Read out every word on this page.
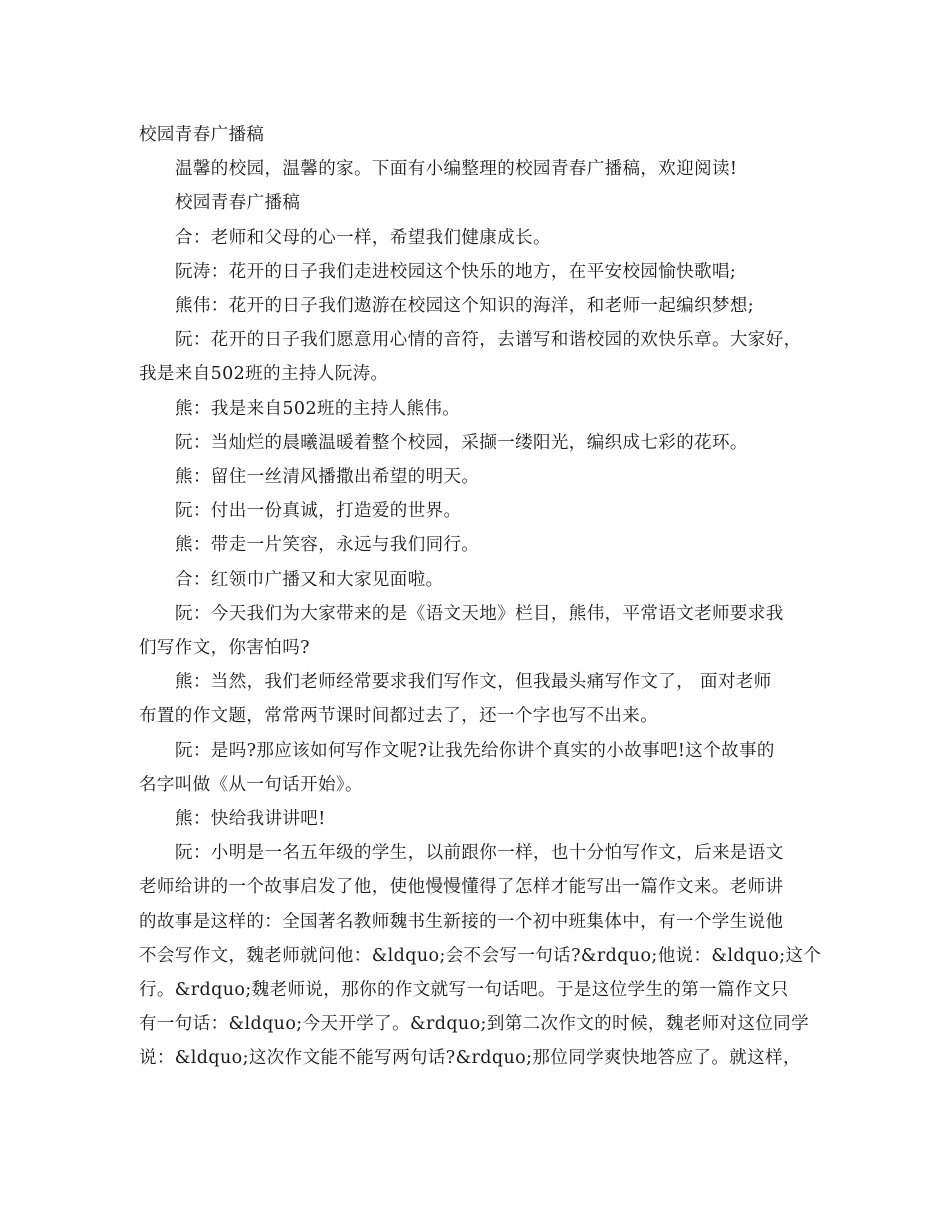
校园青春广播稿
温馨的校园，温馨的家。下面有小编整理的校园青春广播稿，欢迎阅读!
校园青春广播稿
合：老师和父母的心一样，希望我们健康成长。
阮涛：花开的日子我们走进校园这个快乐的地方，在平安校园愉快歌唱;
熊伟：花开的日子我们遨游在校园这个知识的海洋，和老师一起编织梦想;
阮：花开的日子我们愿意用心情的音符，去谱写和谐校园的欢快乐章。大家好，
我是来自502班的主持人阮涛。
熊：我是来自502班的主持人熊伟。
阮：当灿烂的晨曦温暖着整个校园，采撷一缕阳光，编织成七彩的花环。
熊：留住一丝清风播撒出希望的明天。
阮：付出一份真诚，打造爱的世界。
熊：带走一片笑容，永远与我们同行。
合：红领巾广播又和大家见面啦。
阮：今天我们为大家带来的是《语文天地》栏目，熊伟，平常语文老师要求我
们写作文，你害怕吗?
熊：当然，我们老师经常要求我们写作文，但我最头痛写作文了， 面对老师
布置的作文题，常常两节课时间都过去了，还一个字也写不出来。
阮：是吗?那应该如何写作文呢?让我先给你讲个真实的小故事吧!这个故事的
名字叫做《从一句话开始》。
熊：快给我讲讲吧!
阮：小明是一名五年级的学生，以前跟你一样，也十分怕写作文，后来是语文
老师给讲的一个故事启发了他，使他慢慢懂得了怎样才能写出一篇作文来。老师讲
的故事是这样的：全国著名教师魏书生新接的一个初中班集体中，有一个学生说他
不会写作文，魏老师就问他：&ldquo;会不会写一句话?&rdquo;他说：&ldquo;这个
行。&rdquo;魏老师说，那你的作文就写一句话吧。于是这位学生的第一篇作文只
有一句话：&ldquo;今天开学了。&rdquo;到第二次作文的时候，魏老师对这位同学
说：&ldquo;这次作文能不能写两句话?&rdquo;那位同学爽快地答应了。就这样，
